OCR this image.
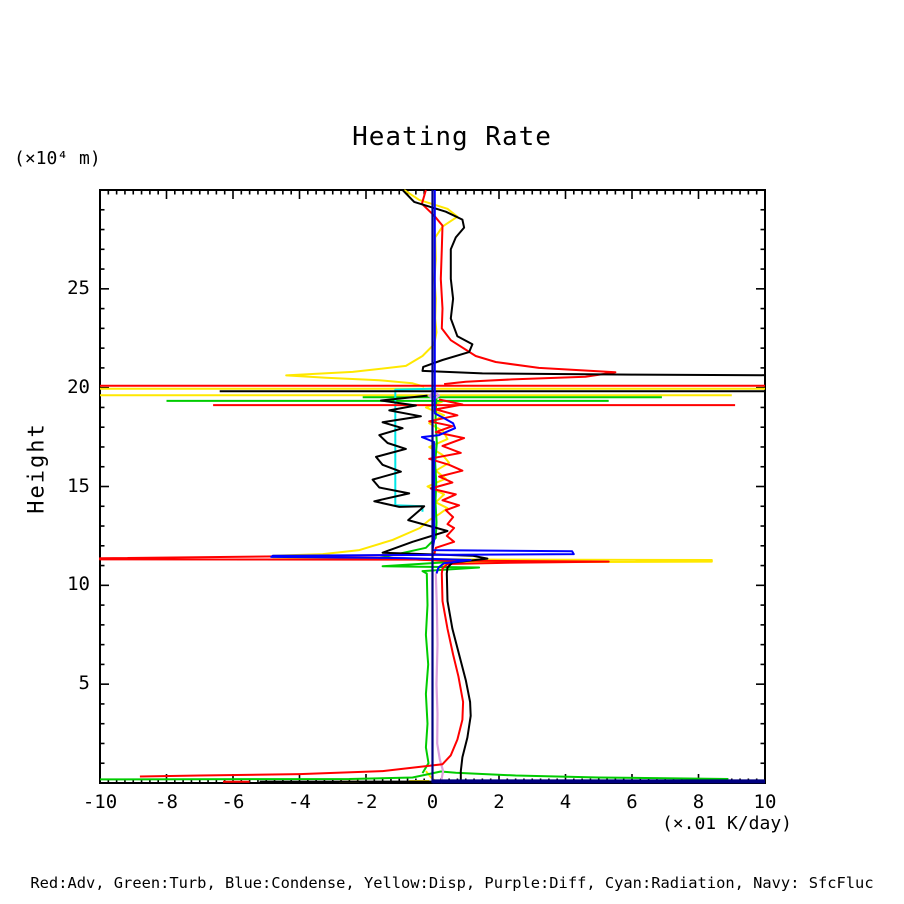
Heating Rate
(×10⁴ m)
Height
(×.01 K/day)
Red:Adv, Green:Turb, Blue:Condense, Yellow:Disp, Purple:Diff, Cyan:Radiation, Navy: SfcFluc
-10 -8 -6 -4 -2	0	2	4	6	8	10
5
10
15
20
25
